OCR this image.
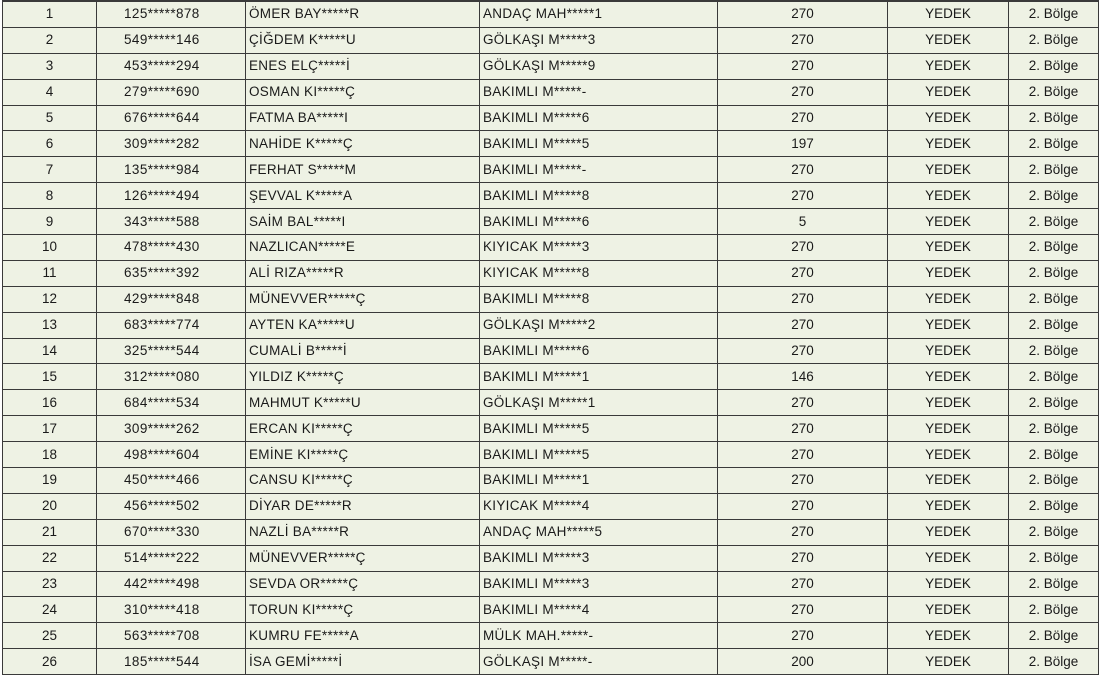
1	125*****878	ÖMER BAY*****R	ANDAÇ MAH*****1	270	YEDEK	2. Bölge
2	549*****146	ÇİĞDEM K*****U	GÖLKAŞI M*****3	270	YEDEK	2. Bölge
3	453*****294	ENES ELÇ*****İ	GÖLKAŞI M*****9	270	YEDEK	2. Bölge
4	279*****690	OSMAN KI*****Ç	BAKIMLI M*****-	270	YEDEK	2. Bölge
5	676*****644	FATMA BA*****I	BAKIMLI M*****6	270	YEDEK	2. Bölge
6	309*****282	NAHİDE K*****Ç	BAKIMLI M*****5	197	YEDEK	2. Bölge
7	135*****984	FERHAT S*****M	BAKIMLI M*****-	270	YEDEK	2. Bölge
8	126*****494	ŞEVVAL K*****A	BAKIMLI M*****8	270	YEDEK	2. Bölge
9	343*****588	SAİM BAL*****I	BAKIMLI M*****6	5	YEDEK	2. Bölge
10	478*****430	NAZLICAN*****E	KIYICAK M*****3	270	YEDEK	2. Bölge
11	635*****392	ALİ RIZA*****R	KIYICAK M*****8	270	YEDEK	2. Bölge
12	429*****848	MÜNEVVER*****Ç	BAKIMLI M*****8	270	YEDEK	2. Bölge
13	683*****774	AYTEN KA*****U	GÖLKAŞI M*****2	270	YEDEK	2. Bölge
14	325*****544	CUMALİ B*****İ	BAKIMLI M*****6	270	YEDEK	2. Bölge
15	312*****080	YILDIZ K*****Ç	BAKIMLI M*****1	146	YEDEK	2. Bölge
16	684*****534	MAHMUT K*****U	GÖLKAŞI M*****1	270	YEDEK	2. Bölge
17	309*****262	ERCAN KI*****Ç	BAKIMLI M*****5	270	YEDEK	2. Bölge
18	498*****604	EMİNE KI*****Ç	BAKIMLI M*****5	270	YEDEK	2. Bölge
19	450*****466	CANSU KI*****Ç	BAKIMLI M*****1	270	YEDEK	2. Bölge
20	456*****502	DİYAR DE*****R	KIYICAK M*****4	270	YEDEK	2. Bölge
21	670*****330	NAZLİ BA*****R	ANDAÇ MAH*****5	270	YEDEK	2. Bölge
22	514*****222	MÜNEVVER*****Ç	BAKIMLI M*****3	270	YEDEK	2. Bölge
23	442*****498	SEVDA OR*****Ç	BAKIMLI M*****3	270	YEDEK	2. Bölge
24	310*****418	TORUN KI*****Ç	BAKIMLI M*****4	270	YEDEK	2. Bölge
25	563*****708	KUMRU FE*****A	MÜLK MAH.*****-	270	YEDEK	2. Bölge
26	185*****544	İSA GEMİ*****İ	GÖLKAŞI M*****-	200	YEDEK	2. Bölge
